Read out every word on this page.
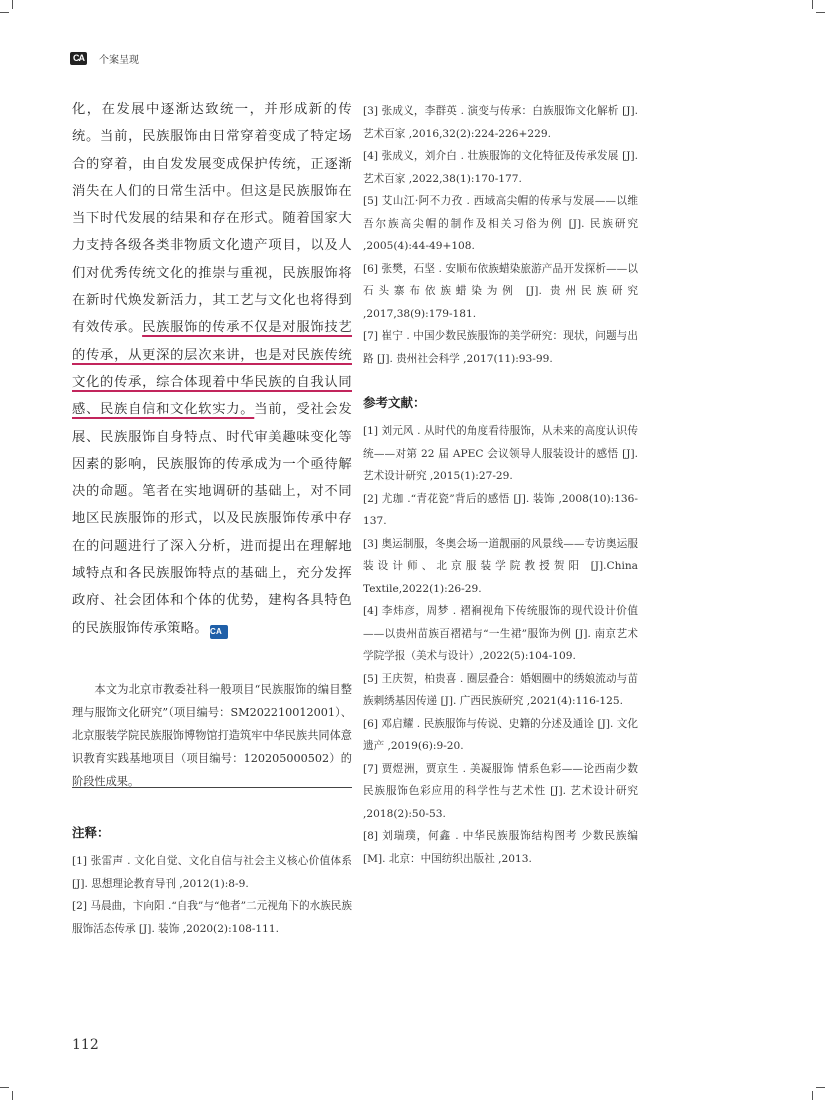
CA	个案呈现

化，在发展中逐渐达致统一，并形成新的传统。当前，民族服饰由日常穿着变成了特定场合的穿着，由自发发展变成保护传统，正逐渐消失在人们的日常生活中。但这是民族服饰在当下时代发展的结果和存在形式。随着国家大力支持各级各类非物质文化遗产项目，以及人们对优秀传统文化的推崇与重视，民族服饰将在新时代焕发新活力，其工艺与文化也将得到有效传承。民族服饰的传承不仅是对服饰技艺的传承，从更深的层次来讲，也是对民族传统文化的传承，综合体现着中华民族的自我认同感、民族自信和文化软实力。当前，受社会发展、民族服饰自身特点、时代审美趣味变化等因素的影响，民族服饰的传承成为一个亟待解决的命题。笔者在实地调研的基础上，对不同地区民族服饰的形式，以及民族服饰传承中存在的问题进行了深入分析，进而提出在理解地域特点和各民族服饰特点的基础上，充分发挥政府、社会团体和个体的优势，建构各具特色的民族服饰传承策略。 CA

本文为北京市教委社科一般项目“民族服饰的编目整理与服饰文化研究”（项目编号：SM202210012001）、北京服装学院民族服饰博物馆打造筑牢中华民族共同体意识教育实践基地项目（项目编号：120205000502）的阶段性成果。

注释：

[1] 张雷声 . 文化自觉、文化自信与社会主义核心价值体系 [J]. 思想理论教育导刊 ,2012(1):8-9.

[2] 马晨曲，卞向阳 .“自我”与“他者”二元视角下的水族民族服饰活态传承 [J]. 装饰 ,2020(2):108-111.

[3] 张成义，李群英 . 演变与传承：白族服饰文化解析 [J]. 艺术百家 ,2016,32(2):224-226+229.

[4] 张成义，刘介白 . 壮族服饰的文化特征及传承发展 [J]. 艺术百家 ,2022,38(1):170-177.

[5] 艾山江·阿不力孜 . 西域高尖帽的传承与发展——以维吾尔族高尖帽的制作及相关习俗为例 [J]. 民族研究 ,2005(4):44-49+108.

[6] 张樊，石坚 . 安顺布依族蜡染旅游产品开发探析——以石头寨布依族蜡染为例 [J]. 贵州民族研究 ,2017,38(9):179-181.

[7] 崔宁 . 中国少数民族服饰的美学研究：现状，问题与出路 [J]. 贵州社会科学 ,2017(11):93-99.

参考文献：

[1] 刘元风 . 从时代的角度看待服饰，从未来的高度认识传统——对第 22 届 APEC 会议领导人服装设计的感悟 [J]. 艺术设计研究 ,2015(1):27-29.

[2] 尤珈 .“青花瓷”背后的感悟 [J]. 装饰 ,2008(10):136-137.

[3] 奥运制服，冬奥会场一道靓丽的风景线——专访奥运服装设计师、北京服装学院教授贺阳 [J].China Textile,2022(1):26-29.

[4] 李炜彦，周梦 . 褶裥视角下传统服饰的现代设计价值——以贵州苗族百褶裙与“一生裙”服饰为例 [J]. 南京艺术学院学报（美术与设计）,2022(5):104-109.

[5] 王庆贺，柏贵喜 . 圈层叠合：婚姻圈中的绣娘流动与苗族刺绣基因传递 [J]. 广西民族研究 ,2021(4):116-125.

[6] 邓启耀 . 民族服饰与传说、史籍的分述及通诠 [J]. 文化遗产 ,2019(6):9-20.

[7] 贾煜洲，贾京生 . 美凝服饰 情系色彩——论西南少数民族服饰色彩应用的科学性与艺术性 [J]. 艺术设计研究 ,2018(2):50-53.

[8] 刘瑞璞，何鑫 . 中华民族服饰结构图考 少数民族编 [M]. 北京：中国纺织出版社 ,2013.

112
